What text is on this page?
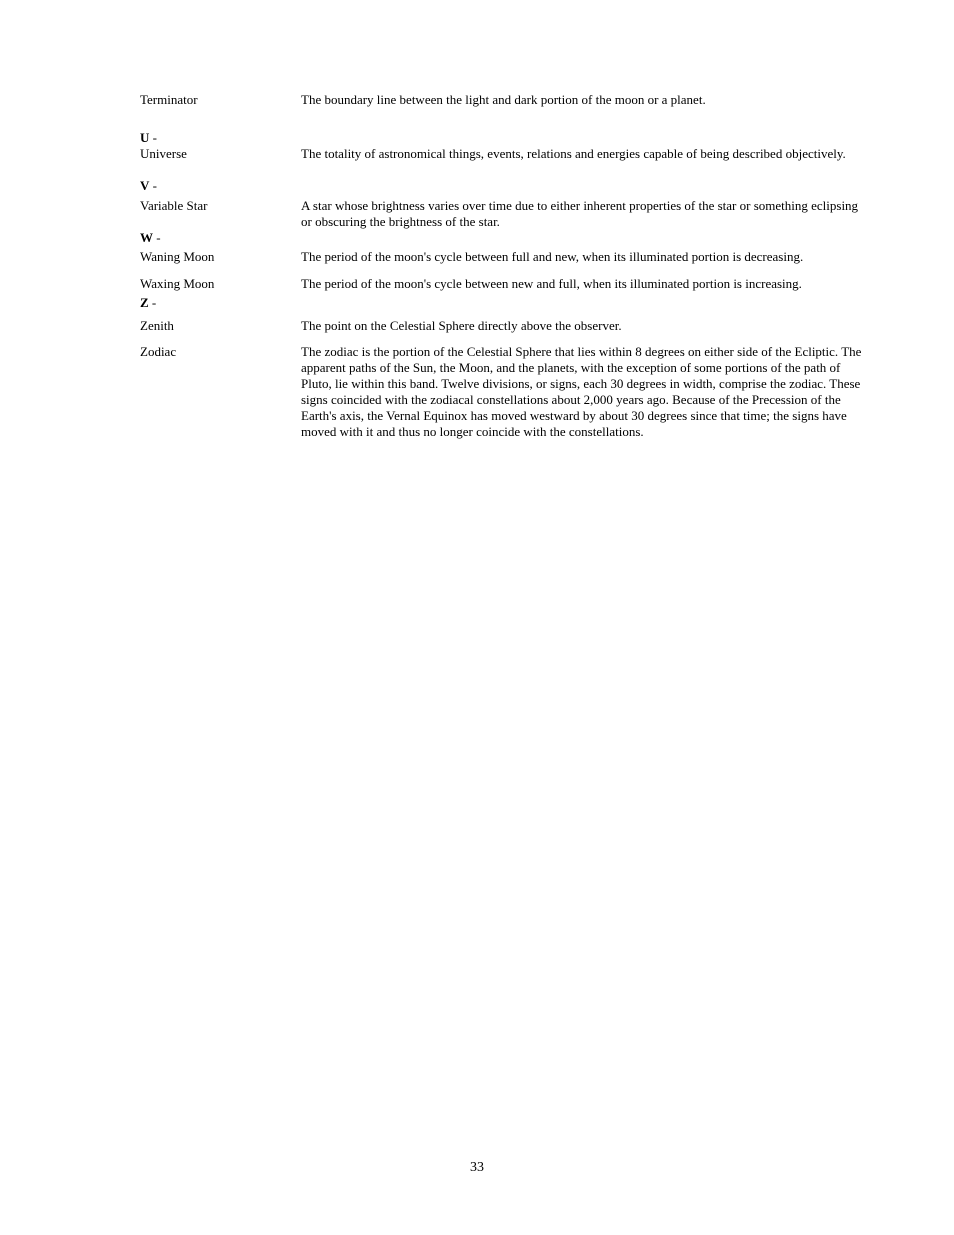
Terminator	The boundary line between the light and dark portion of the moon or a planet.
U -
Universe	The totality of astronomical things, events, relations and energies capable of being described objectively.
V -
Variable Star	A star whose brightness varies over time due to either inherent properties of the star or something eclipsing or obscuring the brightness of the star.
W -
Waning Moon	The period of the moon's cycle between full and new, when its illuminated portion is decreasing.
Waxing Moon	The period of the moon's cycle between new and full, when its illuminated portion is increasing.
Z -
Zenith	The point on the Celestial Sphere directly above the observer.
Zodiac	The zodiac is the portion of the Celestial Sphere that lies within 8 degrees on either side of the Ecliptic. The apparent paths of the Sun, the Moon, and the planets, with the exception of some portions of the path of Pluto, lie within this band. Twelve divisions, or signs, each 30 degrees in width, comprise the zodiac. These signs coincided with the zodiacal constellations about 2,000 years ago. Because of the Precession of the Earth's axis, the Vernal Equinox has moved westward by about 30 degrees since that time; the signs have moved with it and thus no longer coincide with the constellations.
33
